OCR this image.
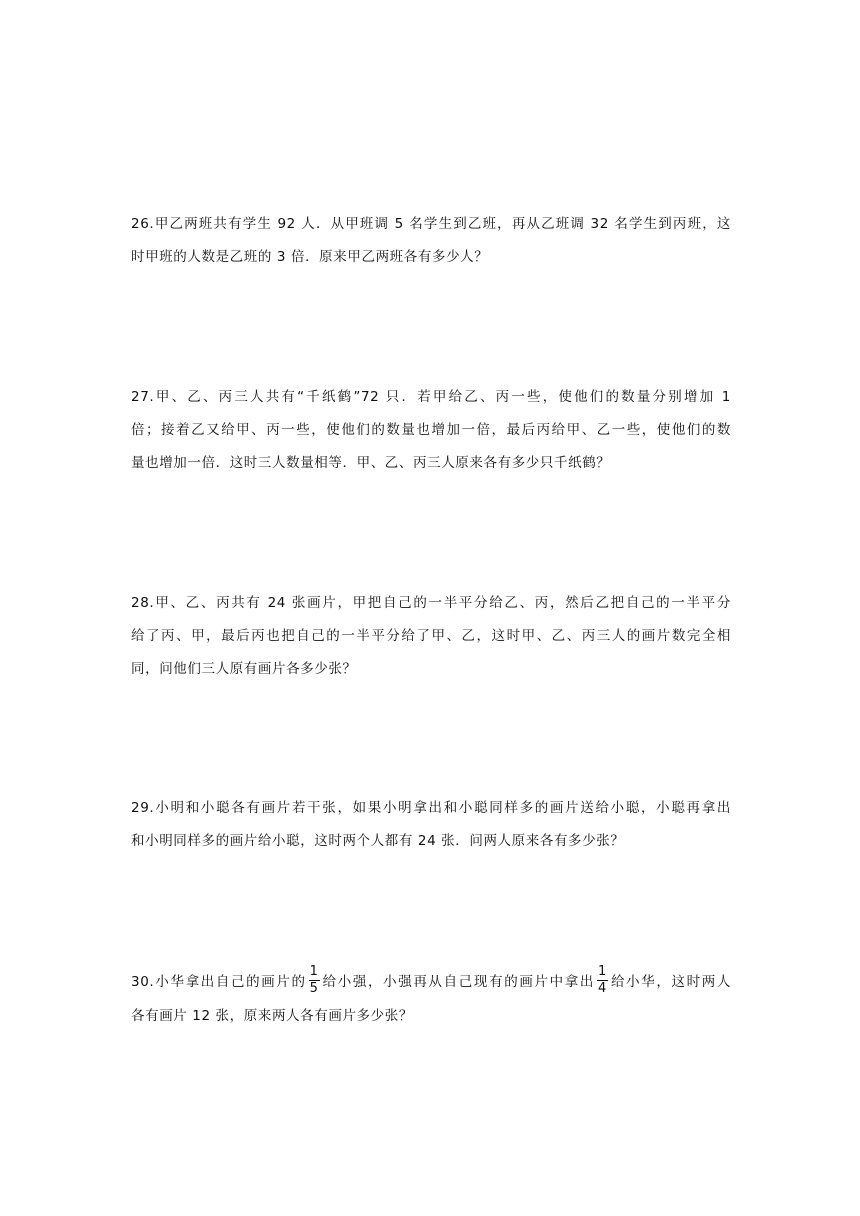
26.甲乙两班共有学生 92 人．从甲班调 5 名学生到乙班，再从乙班调 32 名学生到丙班，这
时甲班的人数是乙班的 3 倍．原来甲乙两班各有多少人？
27.甲、乙、丙三人共有“千纸鹤”72 只．若甲给乙、丙一些，使他们的数量分别增加 1
倍；接着乙又给甲、丙一些，使他们的数量也增加一倍，最后丙给甲、乙一些，使他们的数
量也增加一倍．这时三人数量相等．甲、乙、丙三人原来各有多少只千纸鹤？
28.甲、乙、丙共有 24 张画片，甲把自己的一半平分给乙、丙，然后乙把自己的一半平分
给了丙、甲，最后丙也把自己的一半平分给了甲、乙，这时甲、乙、丙三人的画片数完全相
同，问他们三人原有画片各多少张？
29.小明和小聪各有画片若干张，如果小明拿出和小聪同样多的画片送给小聪，小聪再拿出
和小明同样多的画片给小聪，这时两个人都有 24 张．问两人原来各有多少张？
30.小华拿出自己的画片的 $\frac{1}{5}$ 给小强，小强再从自己现有的画片中拿出 $\frac{1}{4}$ 给小华，这时两人
各有画片 12 张，原来两人各有画片多少张？
